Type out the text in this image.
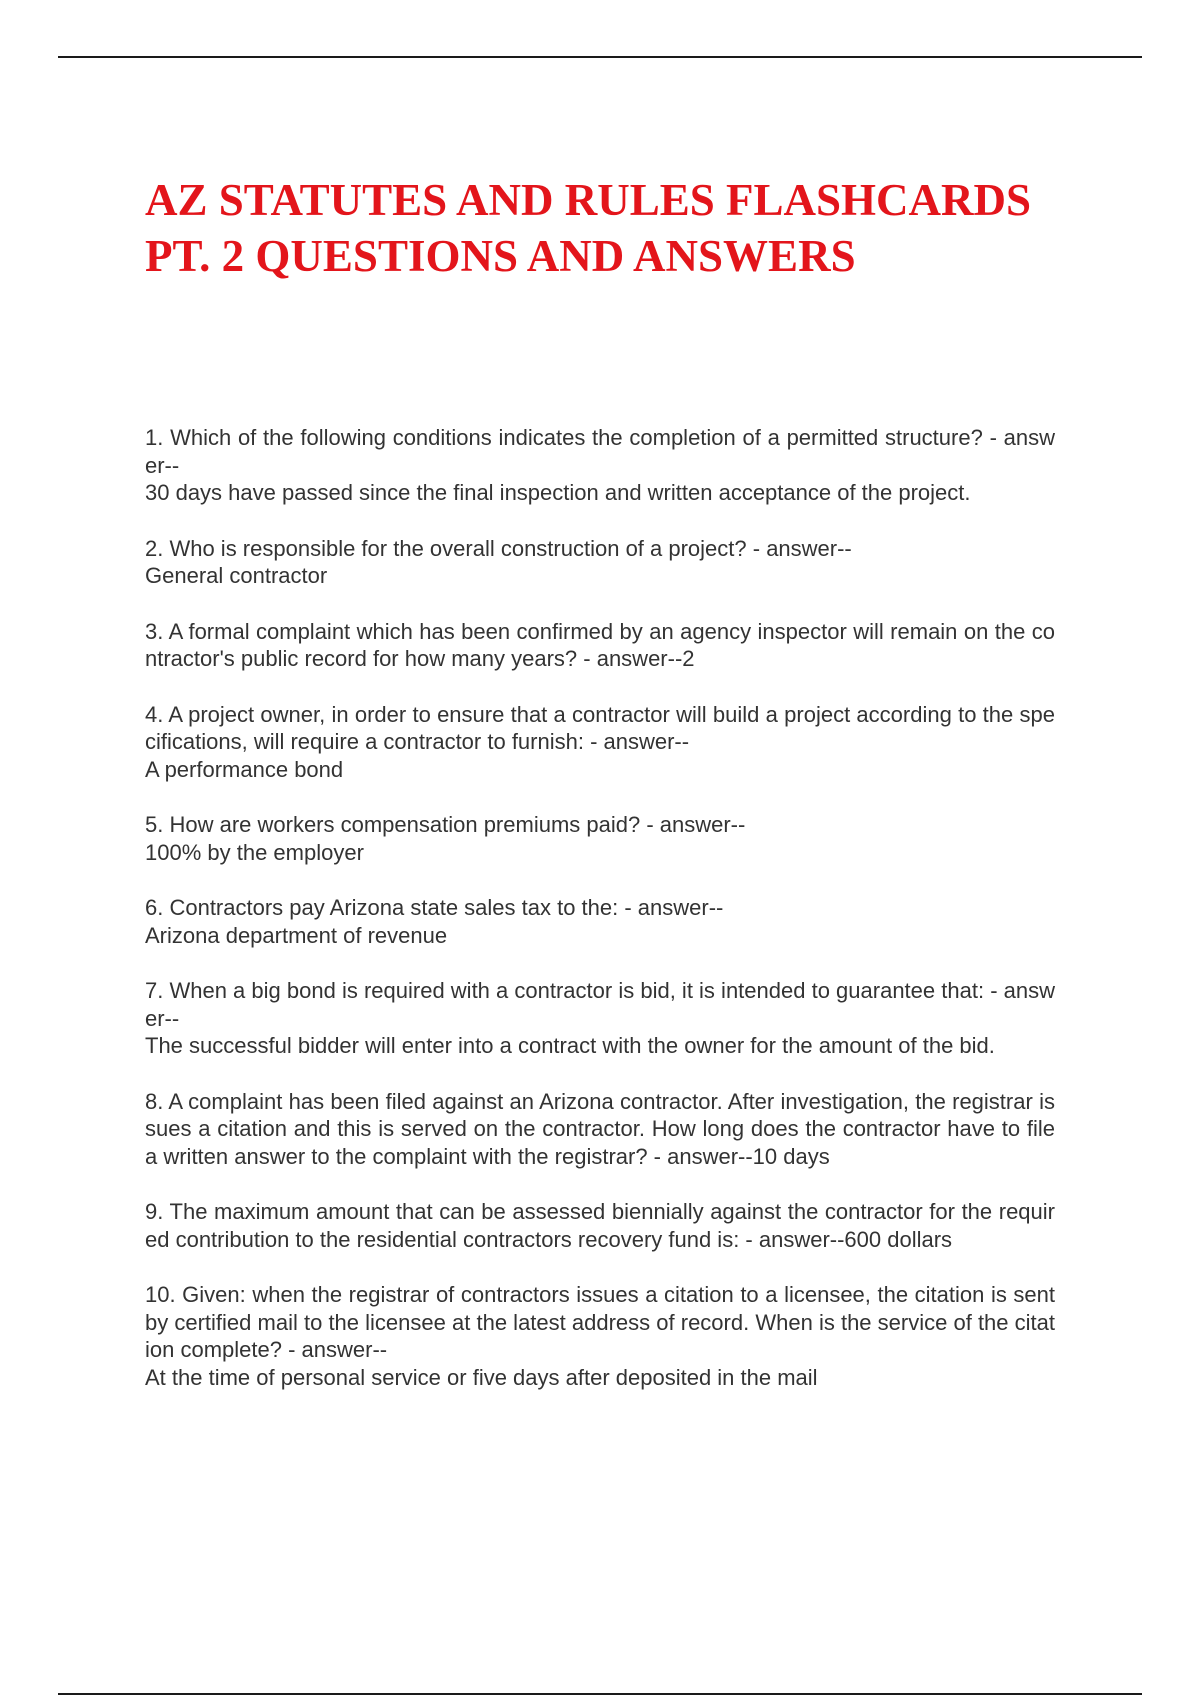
AZ STATUTES AND RULES FLASHCARDS PT. 2 QUESTIONS AND ANSWERS
1. Which of the following conditions indicates the completion of a permitted structure? - answer--
30 days have passed since the final inspection and written acceptance of the project.
2. Who is responsible for the overall construction of a project? - answer--
General contractor
3. A formal complaint which has been confirmed by an agency inspector will remain on the contractor's public record for how many years? - answer--2
4. A project owner, in order to ensure that a contractor will build a project according to the specifications, will require a contractor to furnish: - answer--
A performance bond
5. How are workers compensation premiums paid? - answer--
100% by the employer
6. Contractors pay Arizona state sales tax to the: - answer--
Arizona department of revenue
7. When a big bond is required with a contractor is bid, it is intended to guarantee that: - answer--
The successful bidder will enter into a contract with the owner for the amount of the bid.
8. A complaint has been filed against an Arizona contractor. After investigation, the registrar issues a citation and this is served on the contractor. How long does the contractor have to file a written answer to the complaint with the registrar? - answer--10 days
9. The maximum amount that can be assessed biennially against the contractor for the required contribution to the residential contractors recovery fund is: - answer--600 dollars
10. Given: when the registrar of contractors issues a citation to a licensee, the citation is sent by certified mail to the licensee at the latest address of record. When is the service of the citation complete? - answer--
At the time of personal service or five days after deposited in the mail
